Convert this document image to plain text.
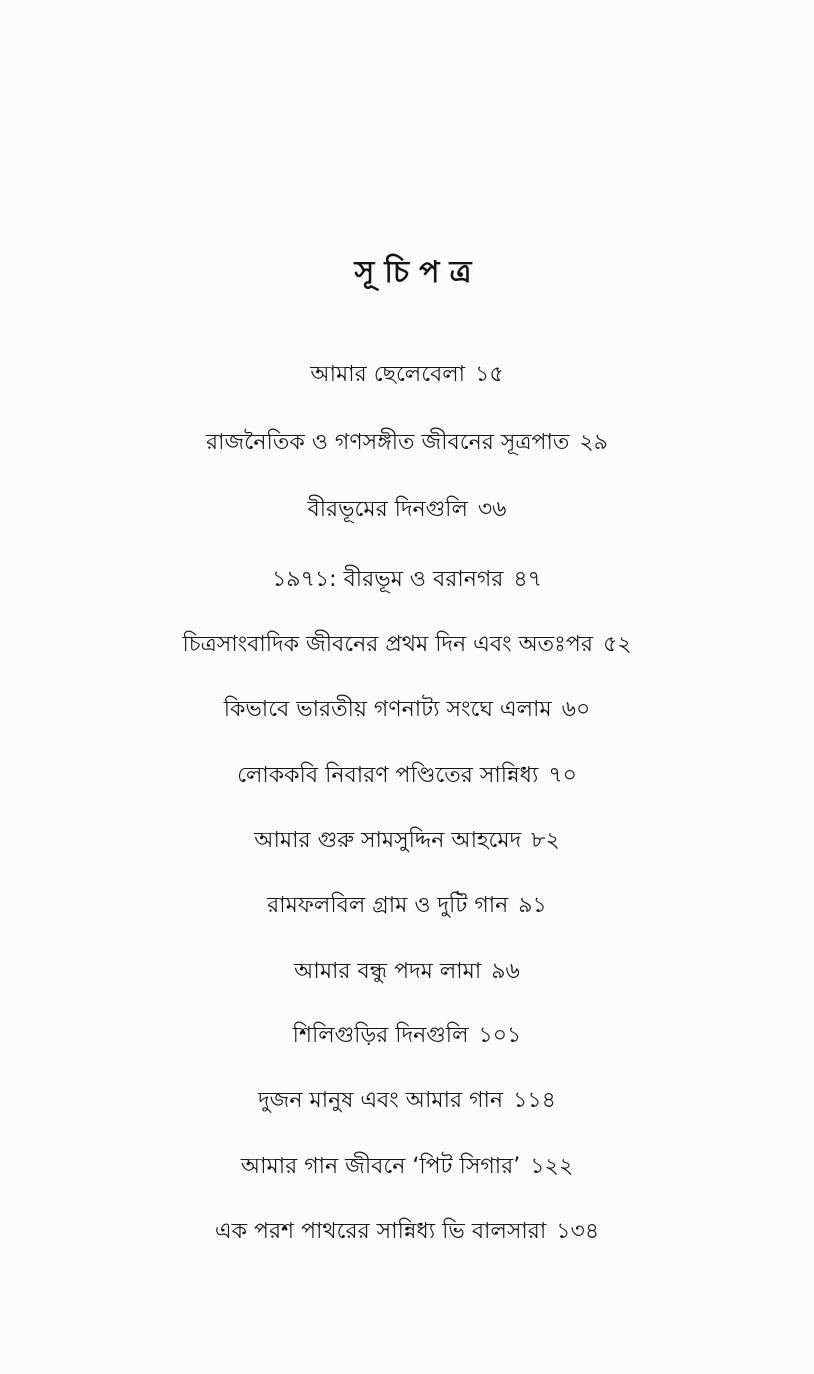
সূচিপত্র
আমার ছেলেবেলা ১৫
রাজনৈতিক ও গণসঙ্গীত জীবনের সূত্রপাত ২৯
বীরভূমের দিনগুলি ৩৬
১৯৭১: বীরভূম ও বরানগর ৪৭
চিত্রসাংবাদিক জীবনের প্রথম দিন এবং অতঃপর ৫২
কিভাবে ভারতীয় গণনাট্য সংঘে এলাম ৬০
লোককবি নিবারণ পণ্ডিতের সান্নিধ্য ৭০
আমার গুরু সামসুদ্দিন আহমেদ ৮২
রামফলবিল গ্রাম ও দুটি গান ৯১
আমার বন্ধু পদম লামা ৯৬
শিলিগুড়ির দিনগুলি ১০১
দুজন মানুষ এবং আমার গান ১১৪
আমার গান জীবনে ‘পিট সিগার’ ১২২
এক পরশ পাথরের সান্নিধ্য ভি বালসারা ১৩৪
